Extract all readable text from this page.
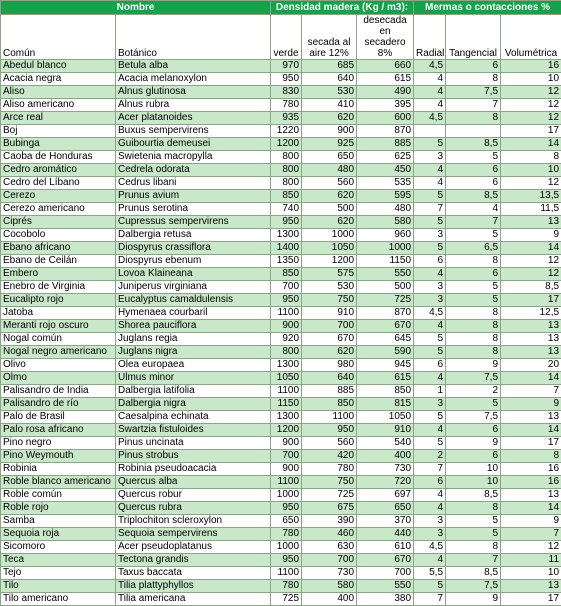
Nombre		Densidad madera (Kg / m3):			Mermas o contacciones %		
Común	Botánico	verde	secada al aire 12%	desecada en secadero 8%	Radial	Tangencial	Volumétrica
Abedul blanco	Betula alba	970	685	660	4,5	6	16
Acacia negra	Acacia melanoxylon	950	640	615	4	8	10
Aliso	Alnus glutinosa	830	530	490	4	7,5	12
Aliso americano	Alnus rubra	780	410	395	4	7	12
Arce real	Acer platanoides	935	620	600	4,5	8	12
Boj	Buxus sempervirens	1220	900	870			17
Bubinga	Guibourtia demeusei	1200	925	885	5	8,5	14
Caoba de Honduras	Swietenia macropylla	800	650	625	3	5	8
Cedro aromático	Cedrela odorata	800	480	450	4	6	10
Cedro del Líbano	Cedrus libani	800	560	535	4	6	12
Cerezo	Prunus avium	850	620	595	5	8,5	13,5
Cerezo americano	Prunus serotina	740	500	480	7	4	11,5
Ciprés	Cupressus sempervirens	950	620	580	5	7	13
Cocobolo	Dalbergia retusa	1300	1000	960	3	5	9
Ébano africano	Diospyrus crassiflora	1400	1050	1000	5	6,5	14
Ébano de Ceilán	Diospyrus ebenum	1350	1200	1150	6	8	12
Embero	Lovoa Klaineana	850	575	550	4	6	12
Enebro de Virginia	Juniperus virginiana	700	530	500	3	5	8,5
Eucalipto rojo	Eucalyptus camaldulensis	950	750	725	3	5	17
Jatoba	Hymenaea courbaril	1100	910	870	4,5	8	12,5
Meranti rojo oscuro	Shorea pauciflora	900	700	670	4	8	13
Nogal común	Juglans regia	920	670	645	5	8	13
Nogal negro americano	Juglans nigra	800	620	590	5	8	13
Olivo	Olea europaea	1300	980	945	6	9	20
Olmo	Ulmus minor	1050	640	615	4	7,5	14
Palisandro de India	Dalbergia latifolia	1100	885	850	1	2	7
Palisandro de río	Dalbergia nigra	1150	850	815	3	5	9
Palo de Brasil	Caesalpina echinata	1300	1100	1050	5	7,5	13
Palo rosa africano	Swartzia fistuloides	1200	950	910	4	6	14
Pino negro	Pinus uncinata	900	560	540	5	9	17
Pino Weymouth	Pinus strobus	700	420	400	2	6	8
Robinia	Robinia pseudoacacia	900	780	730	7	10	16
Roble blanco americano	Quercus alba	1100	750	720	6	10	16
Roble común	Quercus robur	1000	725	697	4	8,5	13
Roble rojo	Quercus rubra	950	675	650	4	8	14
Samba	Triplochiton scleroxylon	650	390	370	3	5	9
Sequoia roja	Sequoia sempervirens	780	460	440	3	5	7
Sicomoro	Acer pseudoplatanus	1000	630	610	4,5	8	12
Teca	Tectona grandis	950	700	670	4	7	11
Tejo	Taxus baccata	1100	730	700	5,5	8,5	10
Tilo	Tilia plattyphyllos	780	580	550	5	7,5	13
Tilo americano	Tilia americana	725	400	380	7	9	17
